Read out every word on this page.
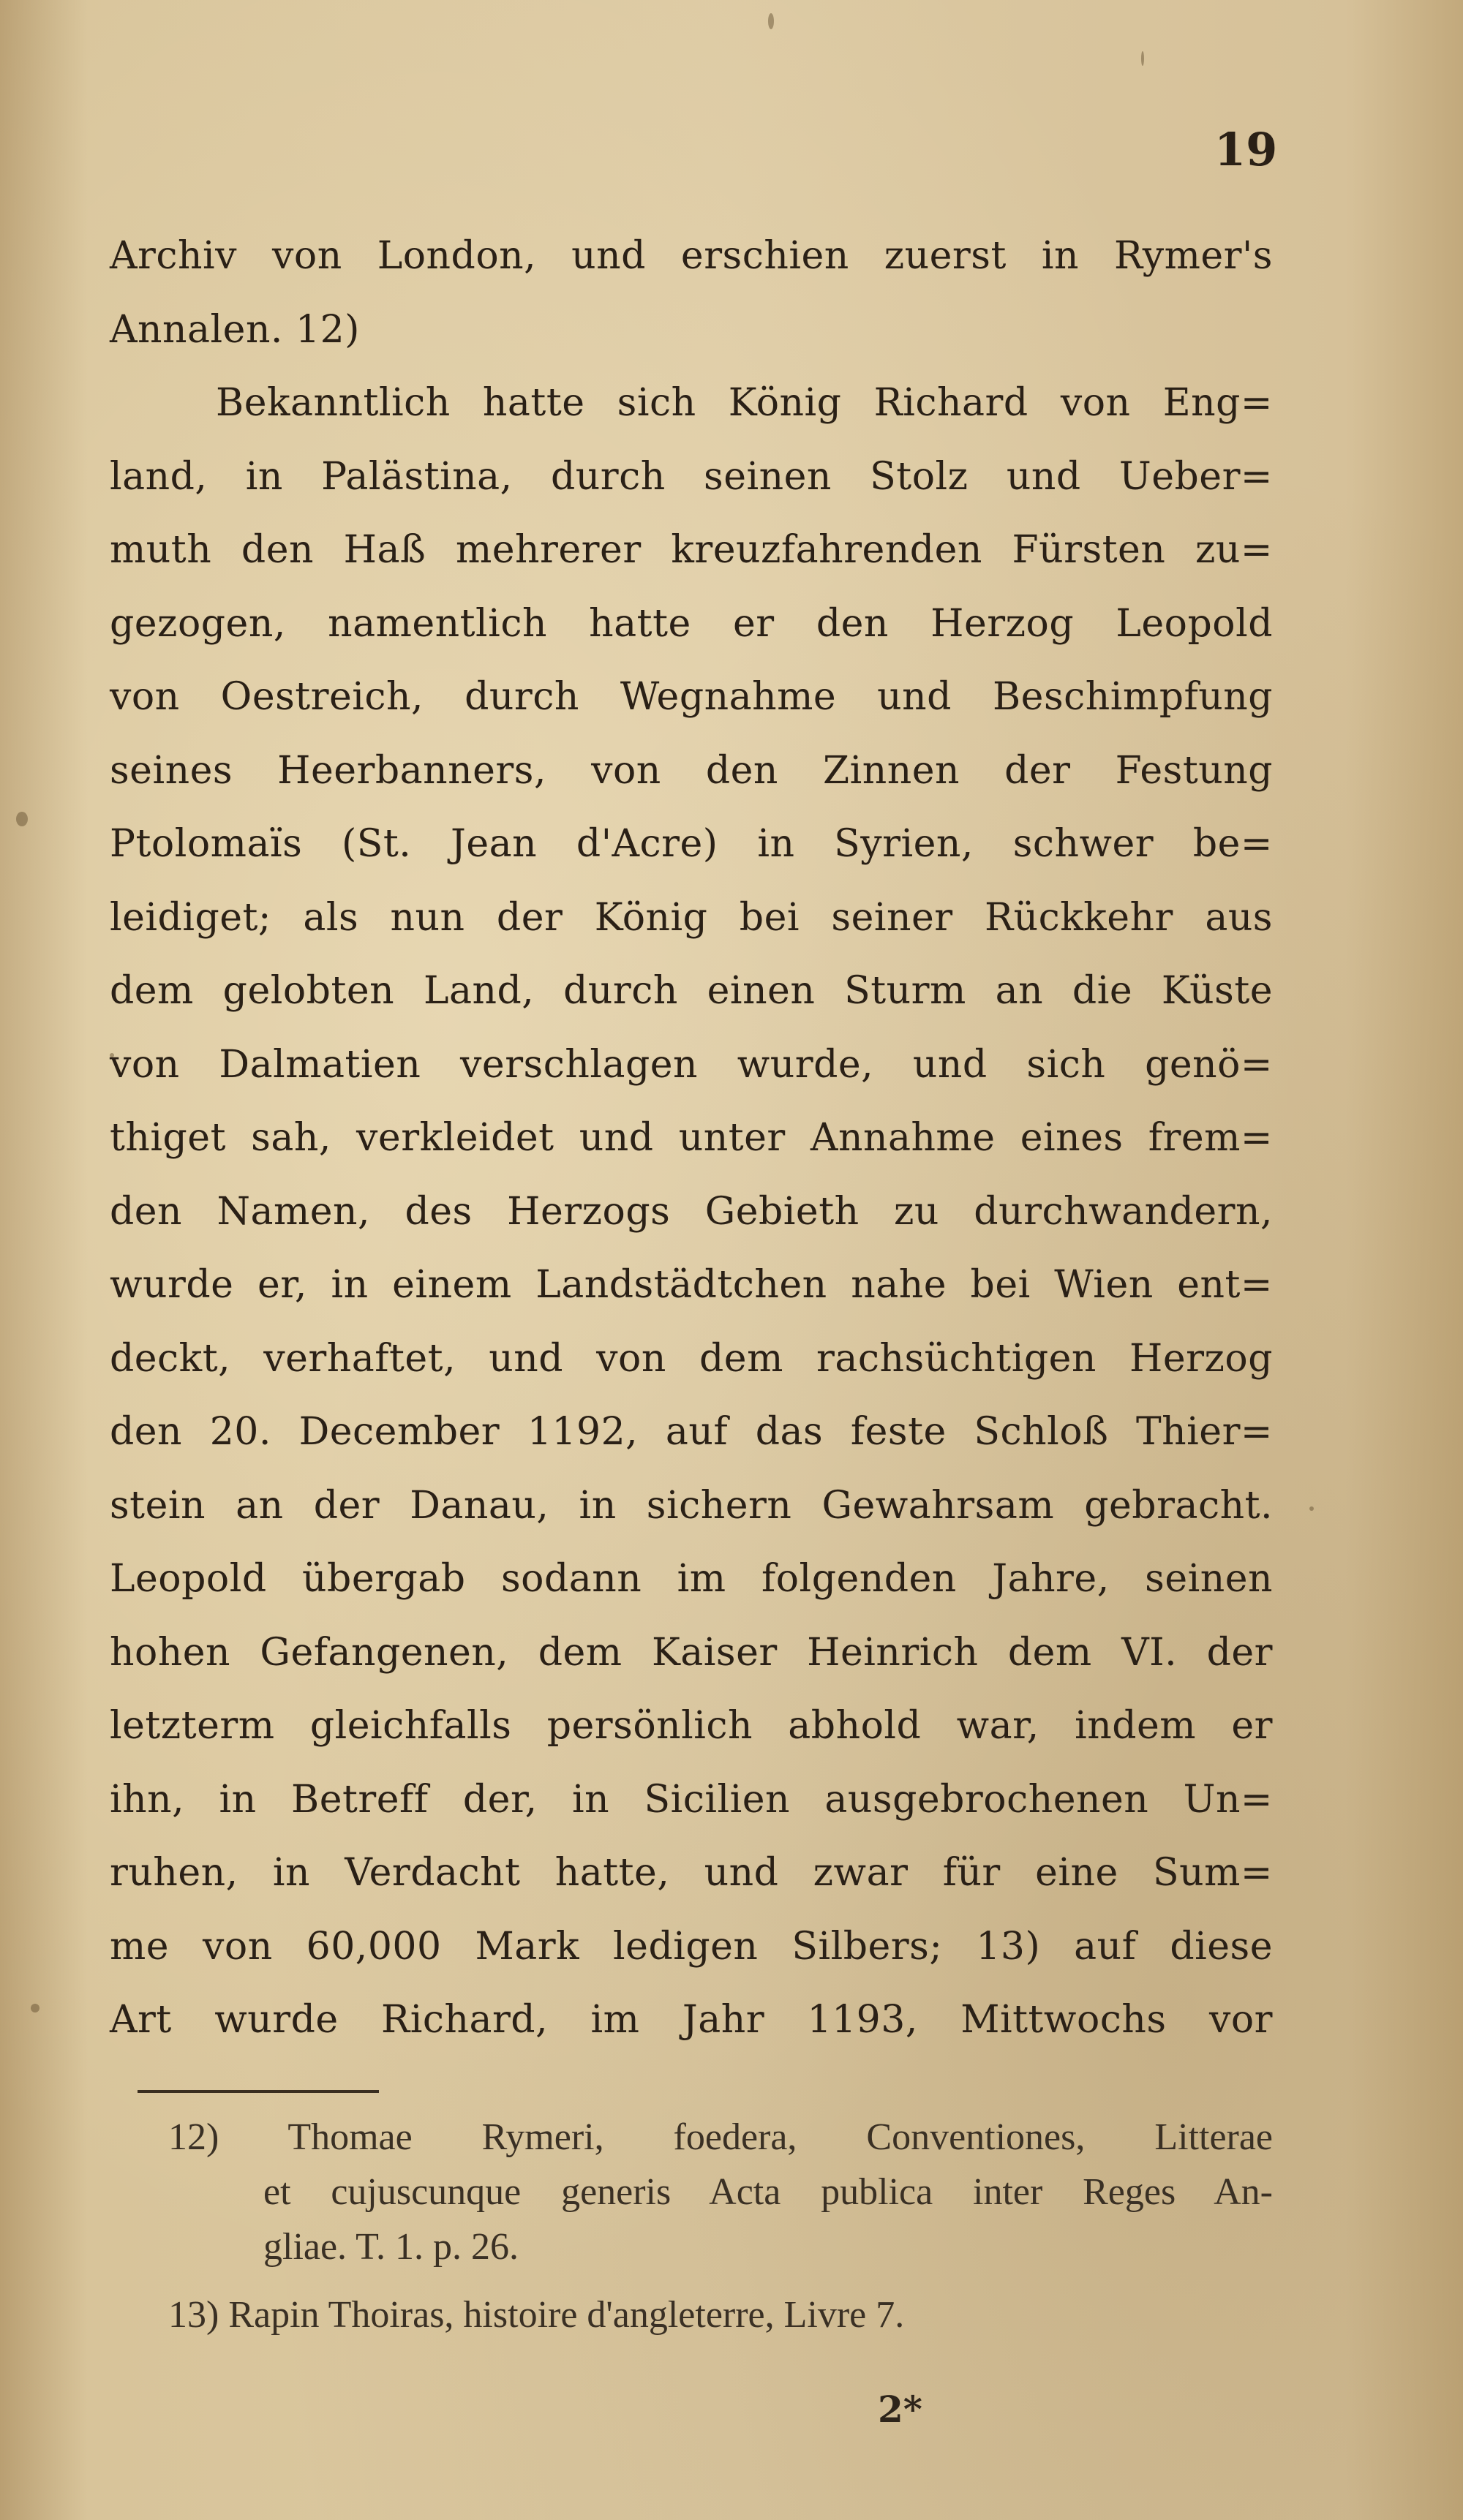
19
Archiv von London, und erschien zuerst in Rymer's
Annalen. 12)
Bekanntlich hatte sich König Richard von Eng=
land, in Palästina, durch seinen Stolz und Ueber=
muth den Haß mehrerer kreuzfahrenden Fürsten zu=
gezogen, namentlich hatte er den Herzog Leopold
von Oestreich, durch Wegnahme und Beschimpfung
seines Heerbanners, von den Zinnen der Festung
Ptolomaïs (St. Jean d'Acre) in Syrien, schwer be=
leidiget; als nun der König bei seiner Rückkehr aus
dem gelobten Land, durch einen Sturm an die Küste
von Dalmatien verschlagen wurde, und sich genö=
thiget sah, verkleidet und unter Annahme eines frem=
den Namen, des Herzogs Gebieth zu durchwandern,
wurde er, in einem Landstädtchen nahe bei Wien ent=
deckt, verhaftet, und von dem rachsüchtigen Herzog
den 20. December 1192, auf das feste Schloß Thier=
stein an der Danau, in sichern Gewahrsam gebracht.
Leopold übergab sodann im folgenden Jahre, seinen
hohen Gefangenen, dem Kaiser Heinrich dem VI. der
letzterm gleichfalls persönlich abhold war, indem er
ihn, in Betreff der, in Sicilien ausgebrochenen Un=
ruhen, in Verdacht hatte, und zwar für eine Sum=
me von 60,000 Mark ledigen Silbers; 13) auf diese
Art wurde Richard, im Jahr 1193, Mittwochs vor
12) Thomae Rymeri, foedera, Conventiones, Litterae
et cujuscunque generis Acta publica inter Reges An-
gliae. T. 1. p. 26.
13) Rapin Thoiras, histoire d'angleterre, Livre 7.
2*
